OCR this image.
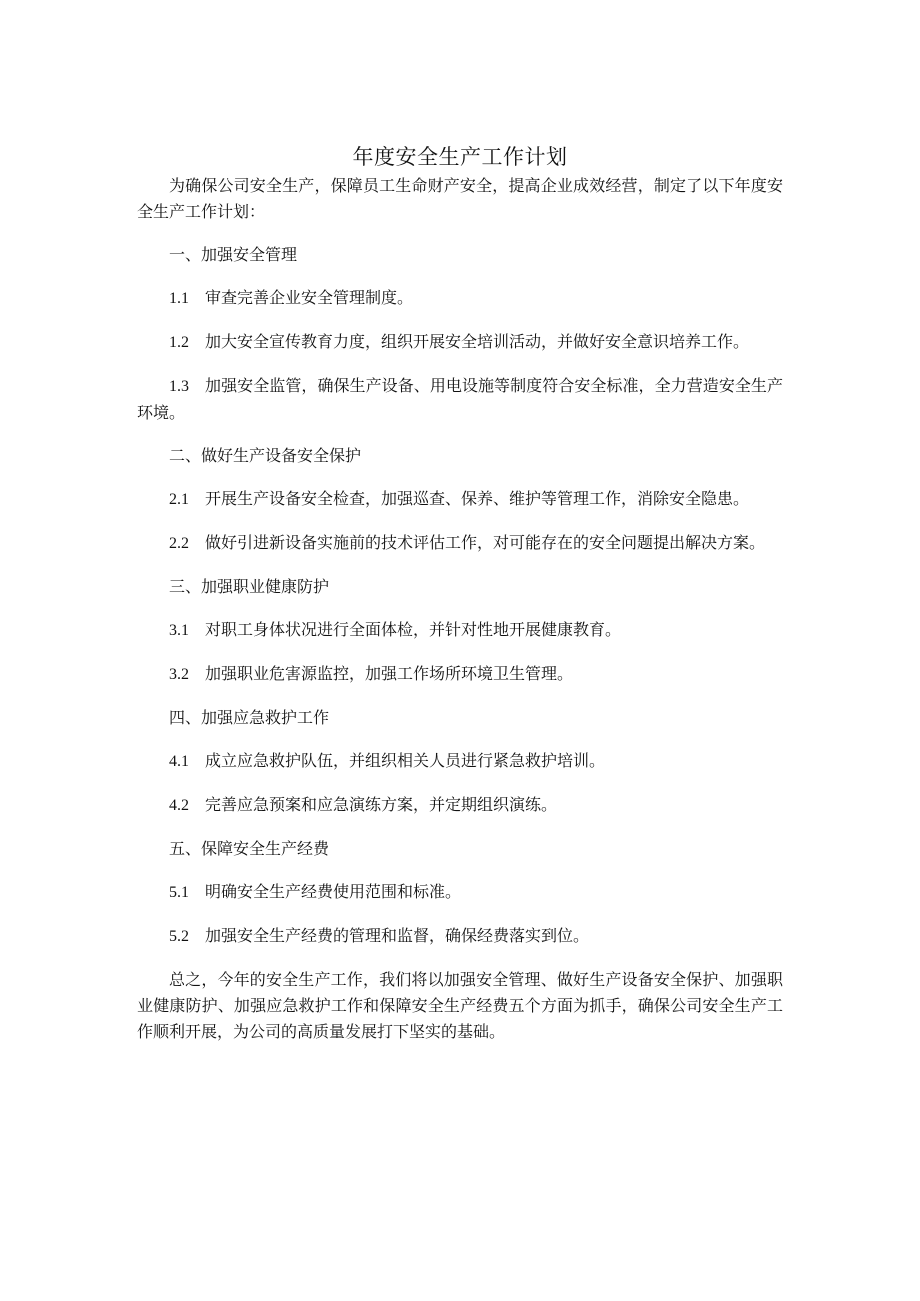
年度安全生产工作计划

为确保公司安全生产，保障员工生命财产安全，提高企业成效经营，制定了以下年度安全生产工作计划：

一、加强安全管理

1.1 审查完善企业安全管理制度。

1.2 加大安全宣传教育力度，组织开展安全培训活动，并做好安全意识培养工作。

1.3 加强安全监管，确保生产设备、用电设施等制度符合安全标准，全力营造安全生产环境。

二、做好生产设备安全保护

2.1 开展生产设备安全检查，加强巡查、保养、维护等管理工作，消除安全隐患。

2.2 做好引进新设备实施前的技术评估工作，对可能存在的安全问题提出解决方案。

三、加强职业健康防护

3.1 对职工身体状况进行全面体检，并针对性地开展健康教育。

3.2 加强职业危害源监控，加强工作场所环境卫生管理。

四、加强应急救护工作

4.1 成立应急救护队伍，并组织相关人员进行紧急救护培训。

4.2 完善应急预案和应急演练方案，并定期组织演练。

五、保障安全生产经费

5.1 明确安全生产经费使用范围和标准。

5.2 加强安全生产经费的管理和监督，确保经费落实到位。

总之，今年的安全生产工作，我们将以加强安全管理、做好生产设备安全保护、加强职业健康防护、加强应急救护工作和保障安全生产经费五个方面为抓手，确保公司安全生产工作顺利开展，为公司的高质量发展打下坚实的基础。
